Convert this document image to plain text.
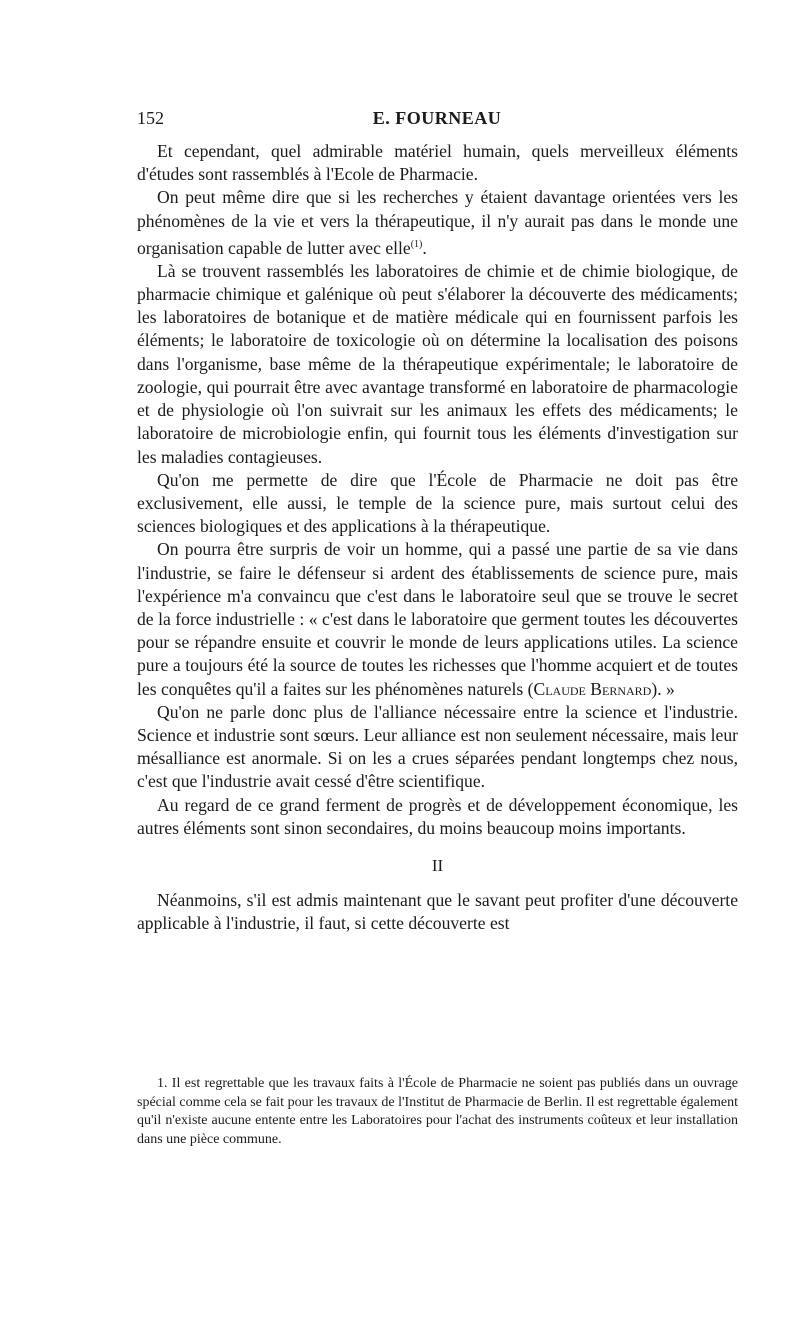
152	E. FOURNEAU

Et cependant, quel admirable matériel humain, quels merveilleux éléments d'études sont rassemblés à l'Ecole de Pharmacie.

On peut même dire que si les recherches y étaient davantage orientées vers les phénomènes de la vie et vers la thérapeutique, il n'y aurait pas dans le monde une organisation capable de lutter avec elle$^{(1)}$.

Là se trouvent rassemblés les laboratoires de chimie et de chimie biologique, de pharmacie chimique et galénique où peut s'élaborer la découverte des médicaments; les laboratoires de botanique et de matière médicale qui en fournissent parfois les éléments; le laboratoire de toxicologie où on détermine la localisation des poisons dans l'organisme, base même de la thérapeutique expérimentale; le laboratoire de zoologie, qui pourrait être avec avantage transformé en laboratoire de pharmacologie et de physiologie où l'on suivrait sur les animaux les effets des médicaments; le laboratoire de microbiologie enfin, qui fournit tous les éléments d'investigation sur les maladies contagieuses.

Qu'on me permette de dire que l'École de Pharmacie ne doit pas être exclusivement, elle aussi, le temple de la science pure, mais surtout celui des sciences biologiques et des applications à la thérapeutique.

On pourra être surpris de voir un homme, qui a passé une partie de sa vie dans l'industrie, se faire le défenseur si ardent des établissements de science pure, mais l'expérience m'a convaincu que c'est dans le laboratoire seul que se trouve le secret de la force industrielle : « c'est dans le laboratoire que germent toutes les découvertes pour se répandre ensuite et couvrir le monde de leurs applications utiles. La science pure a toujours été la source de toutes les richesses que l'homme acquiert et de toutes les conquêtes qu'il a faites sur les phénomènes naturels (Claude Bernard). »

Qu'on ne parle donc plus de l'alliance nécessaire entre la science et l'industrie. Science et industrie sont sœurs. Leur alliance est non seulement nécessaire, mais leur mésalliance est anormale. Si on les a crues séparées pendant longtemps chez nous, c'est que l'industrie avait cessé d'être scientifique.

Au regard de ce grand ferment de progrès et de développement économique, les autres éléments sont sinon secondaires, du moins beaucoup moins importants.

II

Néanmoins, s'il est admis maintenant que le savant peut profiter d'une découverte applicable à l'industrie, il faut, si cette découverte est

1. Il est regrettable que les travaux faits à l'École de Pharmacie ne soient pas publiés dans un ouvrage spécial comme cela se fait pour les travaux de l'Institut de Pharmacie de Berlin. Il est regrettable également qu'il n'existe aucune entente entre les Laboratoires pour l'achat des instruments coûteux et leur installation dans une pièce commune.
